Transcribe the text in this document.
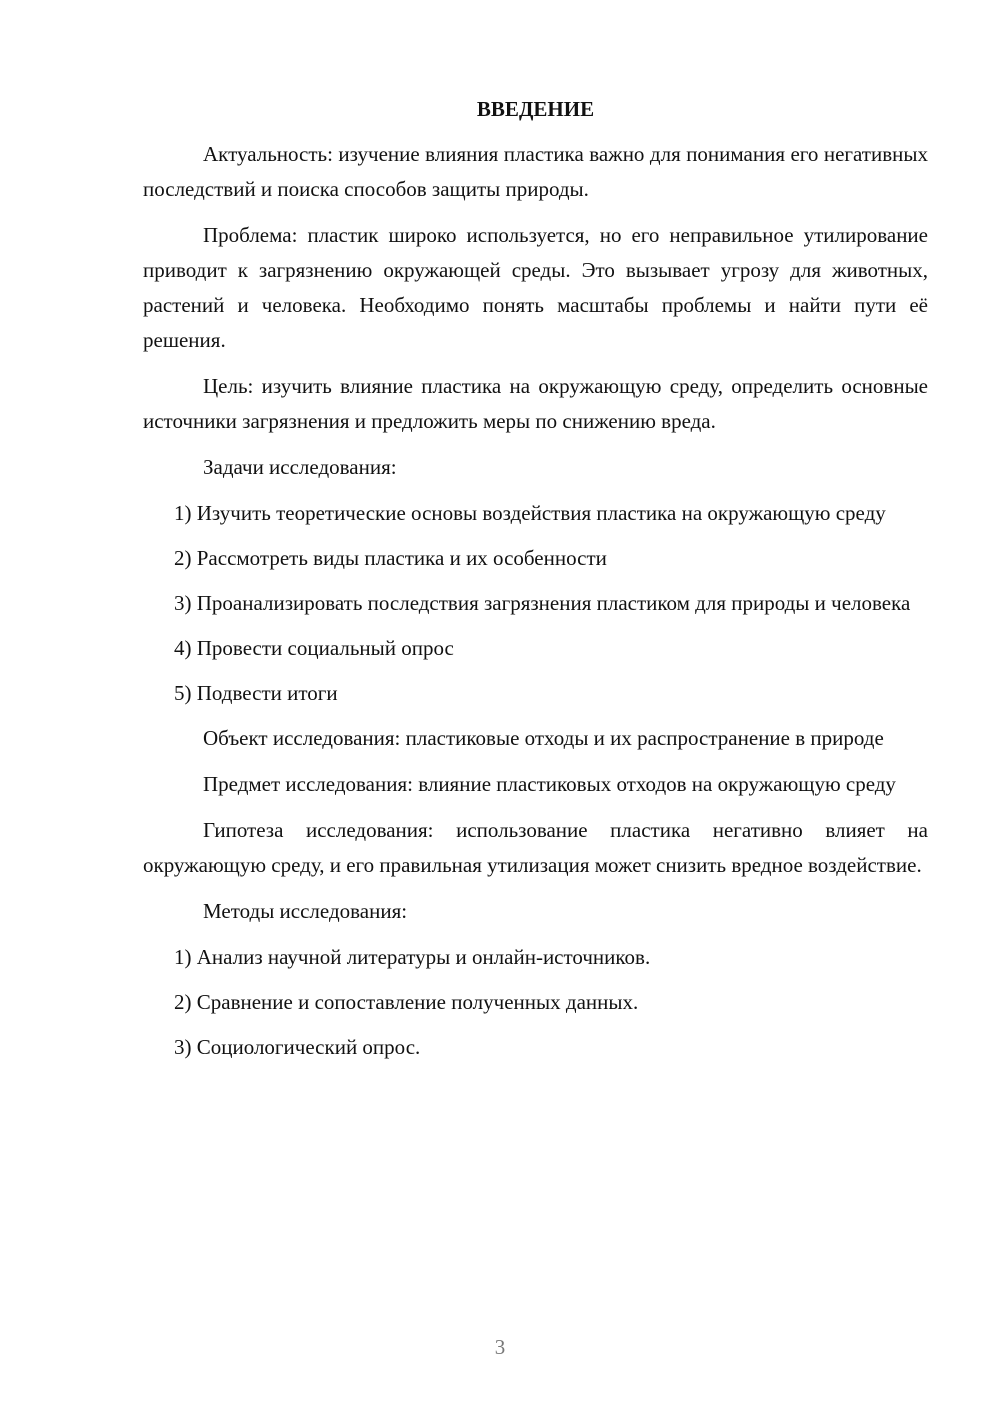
ВВЕДЕНИЕ

Актуальность: изучение влияния пластика важно для понимания его негативных последствий и поиска способов защиты природы.

Проблема: пластик широко используется, но его неправильное утилирование приводит к загрязнению окружающей среды. Это вызывает угрозу для животных, растений и человека. Необходимо понять масштабы проблемы и найти пути её решения.

Цель: изучить влияние пластика на окружающую среду, определить основные источники загрязнения и предложить меры по снижению вреда.

Задачи исследования:

1) Изучить теоретические основы воздействия пластика на окружающую среду

2) Рассмотреть виды пластика и их особенности

3) Проанализировать последствия загрязнения пластиком для природы и человека

4) Провести социальный опрос

5) Подвести итоги

Объект исследования: пластиковые отходы и их распространение в природе

Предмет исследования: влияние пластиковых отходов на окружающую среду

Гипотеза исследования: использование пластика негативно влияет на окружающую среду, и его правильная утилизация может снизить вредное воздействие.

Методы исследования:

1) Анализ научной литературы и онлайн-источников.

2) Сравнение и сопоставление полученных данных.

3) Социологический опрос.

3
